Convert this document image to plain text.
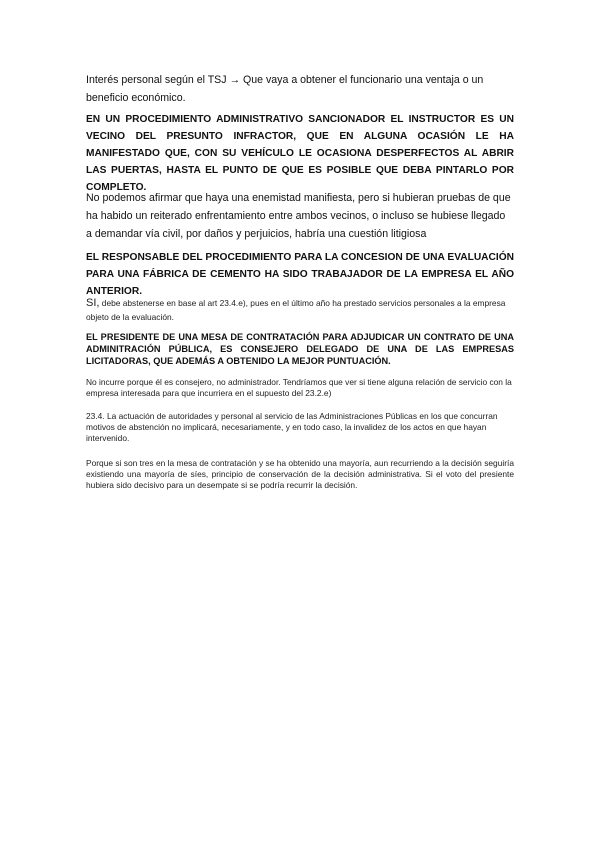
Interés personal según el TSJ → Que vaya a obtener el funcionario una ventaja o un beneficio económico.

EN UN PROCEDIMIENTO ADMINISTRATIVO SANCIONADOR EL INSTRUCTOR ES UN VECINO DEL PRESUNTO INFRACTOR, QUE EN ALGUNA OCASIÓN LE HA MANIFESTADO QUE, CON SU VEHÍCULO LE OCASIONA DESPERFECTOS AL ABRIR LAS PUERTAS, HASTA EL PUNTO DE QUE ES POSIBLE QUE DEBA PINTARLO POR COMPLETO.

No podemos afirmar que haya una enemistad manifiesta, pero si hubieran pruebas de que ha habido un reiterado enfrentamiento entre ambos vecinos, o incluso se hubiese llegado a demandar vía civil, por daños y perjuicios, habría una cuestión litigiosa

EL RESPONSABLE DEL PROCEDIMIENTO PARA LA CONCESION DE UNA EVALUACIÓN PARA UNA FÁBRICA DE CEMENTO HA SIDO TRABAJADOR DE LA EMPRESA EL AÑO ANTERIOR.

SI, debe abstenerse en base al art 23.4.e), pues en el último año ha prestado servicios personales a la empresa objeto de la evaluación.

EL PRESIDENTE DE UNA MESA DE CONTRATACIÓN PARA ADJUDICAR UN CONTRATO DE UNA ADMINITRACIÓN PÚBLICA, ES CONSEJERO DELEGADO DE UNA DE LAS EMPRESAS LICITADORAS, QUE ADEMÁS A OBTENIDO LA MEJOR PUNTUACIÓN.

No incurre porque él es consejero, no administrador. Tendríamos que ver si tiene alguna relación de servicio con la empresa interesada para que incurriera en el supuesto del 23.2.e)

23.4. La actuación de autoridades y personal al servicio de las Administraciones Públicas en los que concurran motivos de abstención no implicará, necesariamente, y en todo caso, la invalidez de los actos en que hayan intervenido.

Porque si son tres en la mesa de contratación y se ha obtenido una mayoría, aun recurriendo a la decisión seguiría existiendo una mayoría de síes, principio de conservación de la decisión administrativa. Si el voto del presiente hubiera sido decisivo para un desempate si se podría recurrir la decisión.
